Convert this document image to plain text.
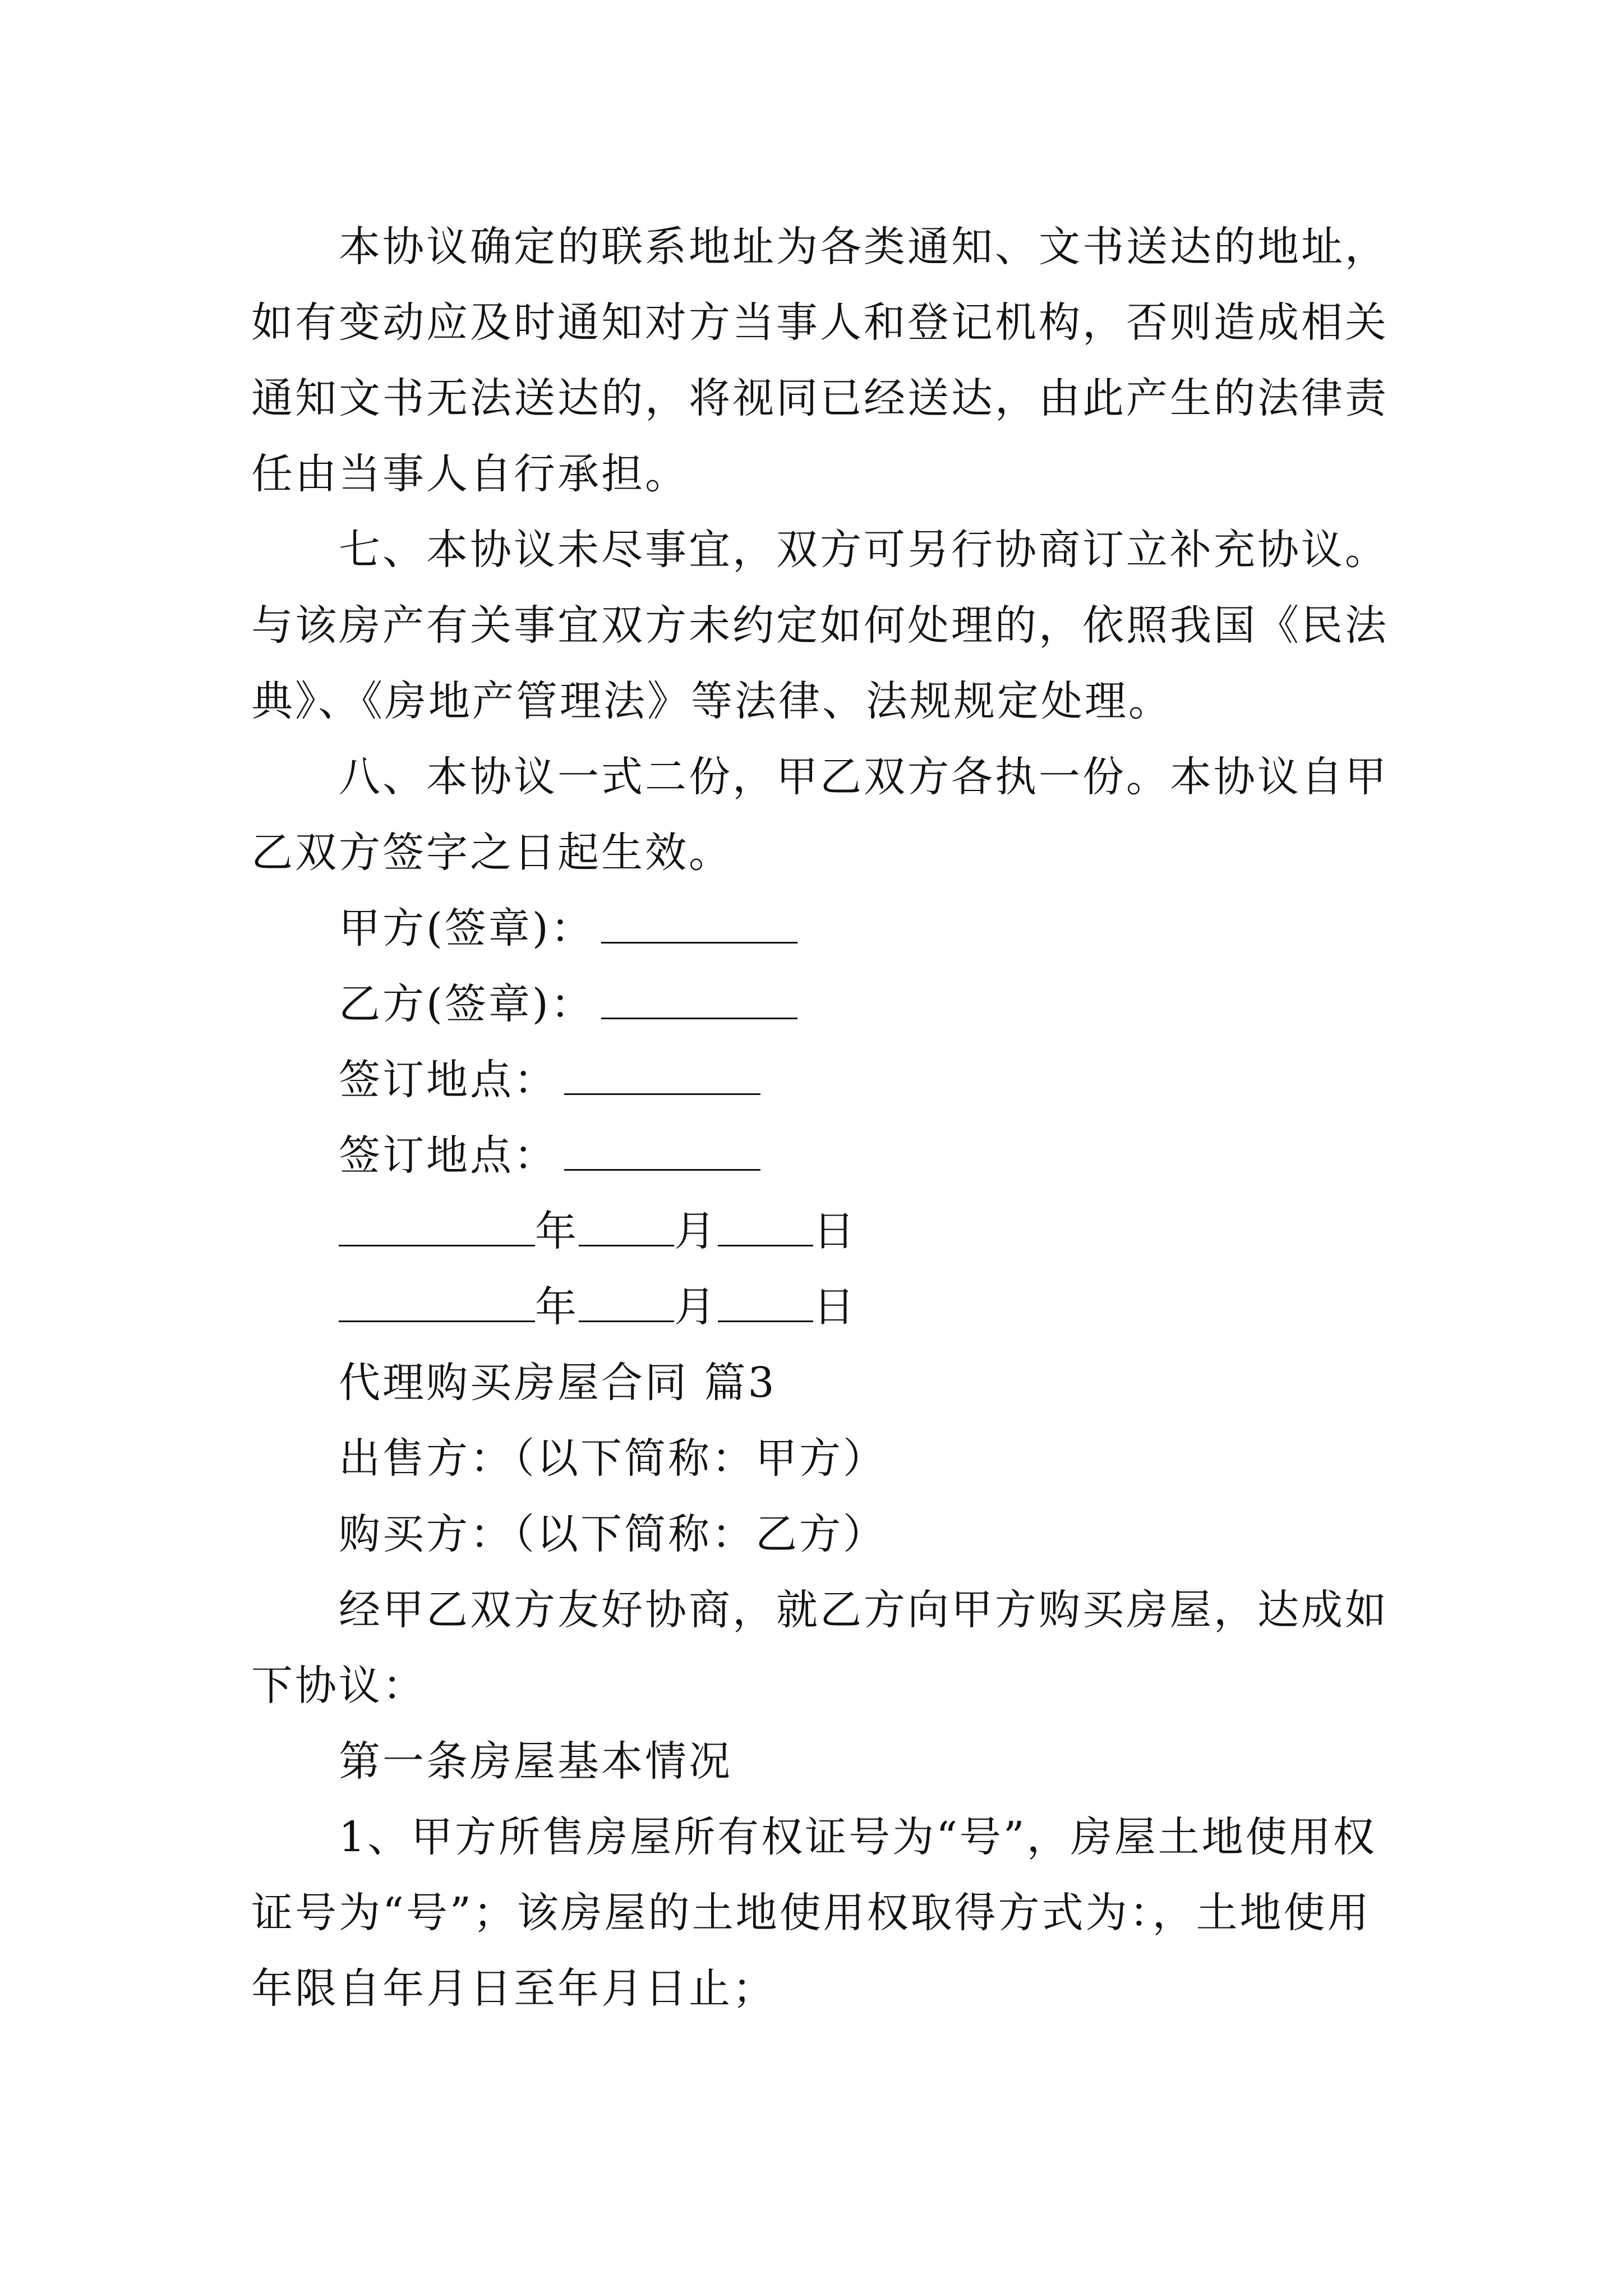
本协议确定的联系地址为各类通知、文书送达的地址，
如有变动应及时通知对方当事人和登记机构，否则造成相关
通知文书无法送达的，将视同已经送达，由此产生的法律责
任由当事人自行承担。
七、本协议未尽事宜，双方可另行协商订立补充协议。
与该房产有关事宜双方未约定如何处理的，依照我国《民法
典》、《房地产管理法》等法律、法规规定处理。
八、本协议一式二份，甲乙双方各执一份。本协议自甲
乙双方签字之日起生效。
甲方(签章)：
乙方(签章)：
签订地点：
签订地点：
年 月 日
年 月 日
代理购买房屋合同 篇3
出售方：（以下简称：甲方）
购买方：（以下简称：乙方）
经甲乙双方友好协商，就乙方向甲方购买房屋，达成如
下协议：
第一条房屋基本情况
1、甲方所售房屋所有权证号为“号”，房屋土地使用权
证号为“号”；该房屋的土地使用权取得方式为：，土地使用
年限自年月日至年月日止；
